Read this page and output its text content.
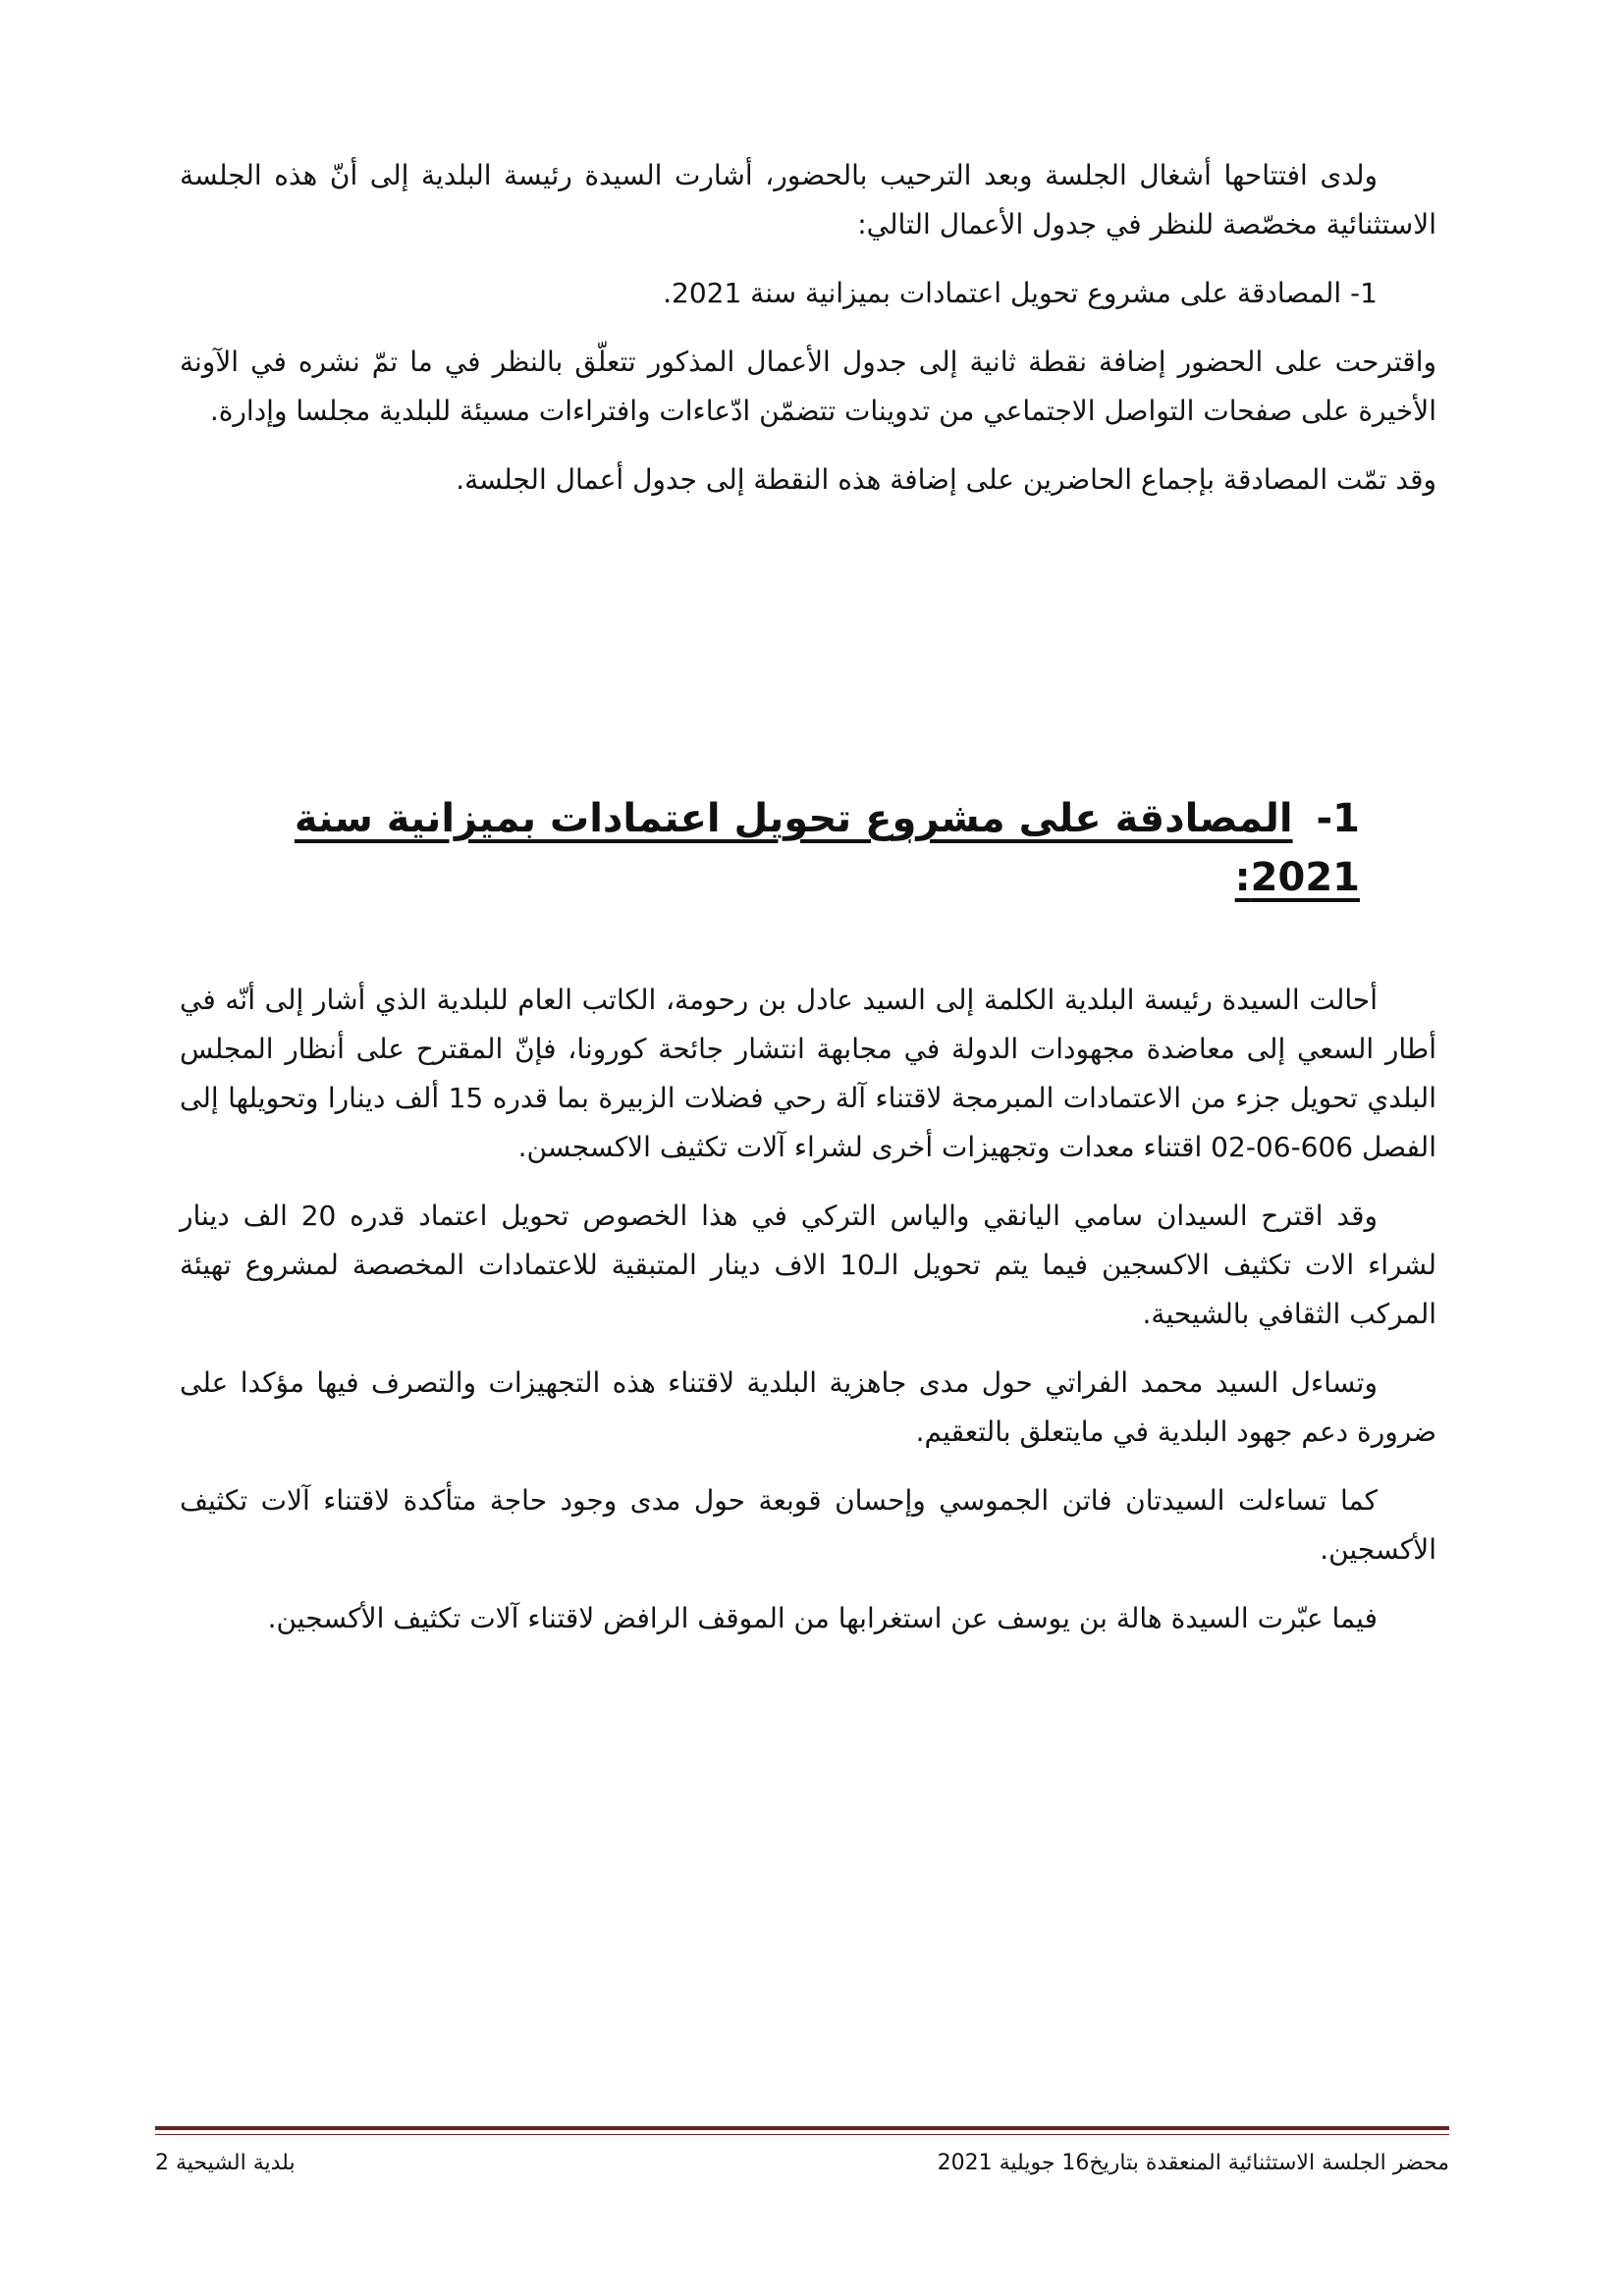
ولدى افتتاحها أشغال الجلسة وبعد الترحيب بالحضور، أشارت السيدة رئيسة البلدية إلى أنّ هذه الجلسة الاستثنائية مخصّصة للنظر في جدول الأعمال التالي:

1- المصادقة على مشروع تحويل اعتمادات بميزانية سنة 2021.

واقترحت على الحضور إضافة نقطة ثانية إلى جدول الأعمال المذكور تتعلّق بالنظر في ما تمّ نشره في الآونة الأخيرة على صفحات التواصل الاجتماعي من تدوينات تتضمّن ادّعاءات وافتراءات مسيئة للبلدية مجلسا وإدارة.

وقد تمّت المصادقة بإجماع الحاضرين على إضافة هذه النقطة إلى جدول أعمال الجلسة.

1- المصادقة على مشروع تحويل اعتمادات بميزانية سنة 2021:

أحالت السيدة رئيسة البلدية الكلمة إلى السيد عادل بن رحومة، الكاتب العام للبلدية الذي أشار إلى أنّه في أطار السعي إلى معاضدة مجهودات الدولة في مجابهة انتشار جائحة كورونا، فإنّ المقترح على أنظار المجلس البلدي تحويل جزء من الاعتمادات المبرمجة لاقتناء آلة رحي فضلات الزبيرة بما قدره 15 ألف دينارا وتحويلها إلى الفصل 606-06-02 اقتناء معدات وتجهيزات أخرى لشراء آلات تكثيف الاكسجسن.

وقد اقترح السيدان سامي اليانقي والياس التركي في هذا الخصوص تحويل اعتماد قدره 20 الف دينار لشراء الات تكثيف الاكسجين فيما يتم تحويل الـ10 الاف دينار المتبقية للاعتمادات المخصصة لمشروع تهيئة المركب الثقافي بالشيحية.

وتساءل السيد محمد الفراتي حول مدى جاهزية البلدية لاقتناء هذه التجهيزات والتصرف فيها مؤكدا على ضرورة دعم جهود البلدية في مايتعلق بالتعقيم.

كما تساءلت السيدتان فاتن الجموسي وإحسان قوبعة حول مدى وجود حاجة متأكدة لاقتناء آلات تكثيف الأكسجين.

فيما عبّرت السيدة هالة بن يوسف عن استغرابها من الموقف الرافض لاقتناء آلات تكثيف الأكسجين.

محضر الجلسة الاستثنائية المنعقدة بتاريخ16 جويلية 2021
بلدية الشيحية 2
